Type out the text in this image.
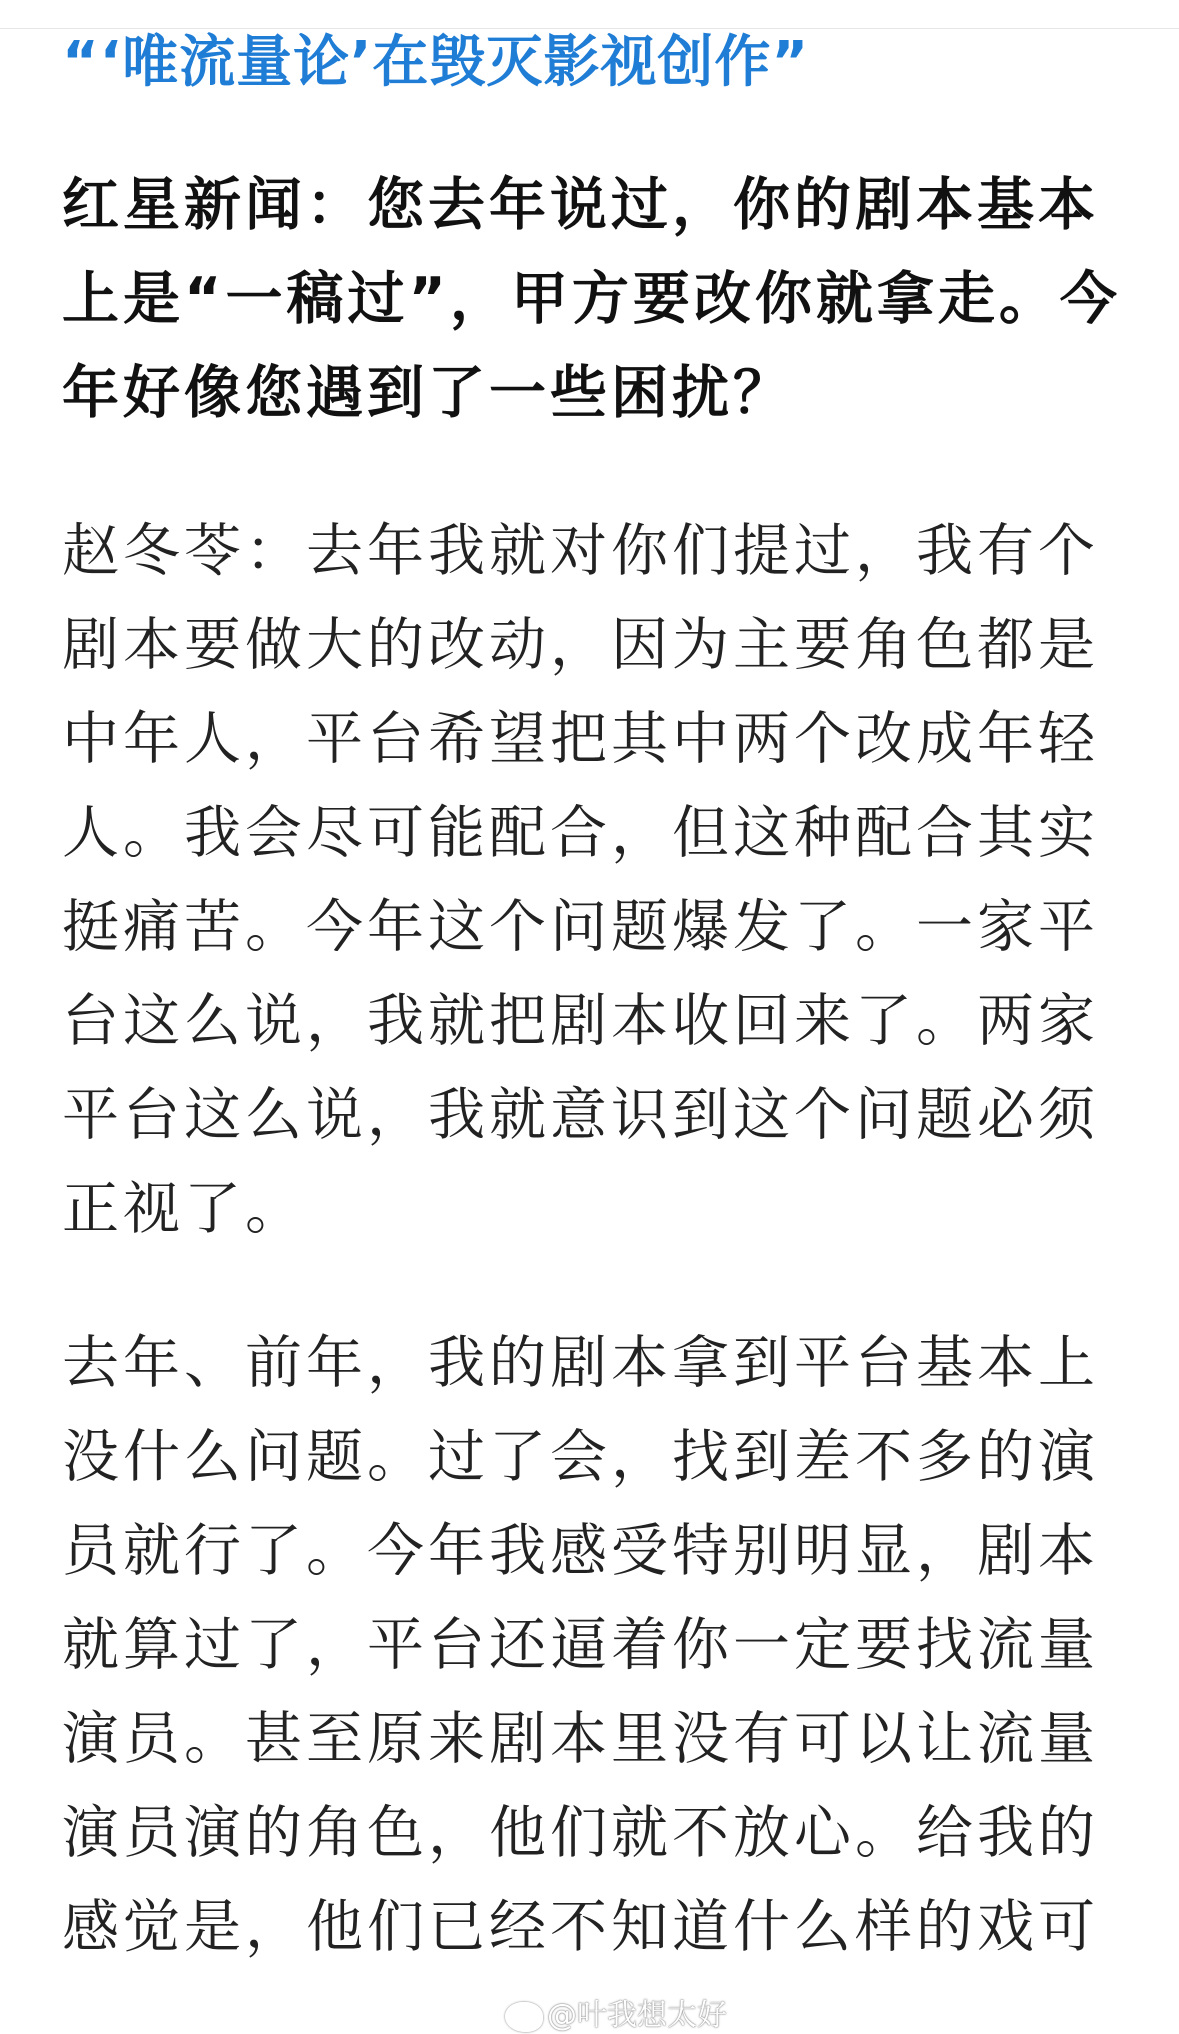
“‘唯流量论’在毁灭影视创作”

红星新闻：您去年说过，你的剧本基本上是“一稿过”，甲方要改你就拿走。今年好像您遇到了一些困扰？

赵冬苓：去年我就对你们提过，我有个剧本要做大的改动，因为主要角色都是中年人，平台希望把其中两个改成年轻人。我会尽可能配合，但这种配合其实挺痛苦。今年这个问题爆发了。一家平台这么说，我就把剧本收回来了。两家平台这么说，我就意识到这个问题必须正视了。

去年、前年，我的剧本拿到平台基本上没什么问题。过了会，找到差不多的演员就行了。今年我感受特别明显，剧本就算过了，平台还逼着你一定要找流量演员。甚至原来剧本里没有可以让流量演员演的角色，他们就不放心。给我的感觉是，他们已经不知道什么样的戏可

@叶我想太好
